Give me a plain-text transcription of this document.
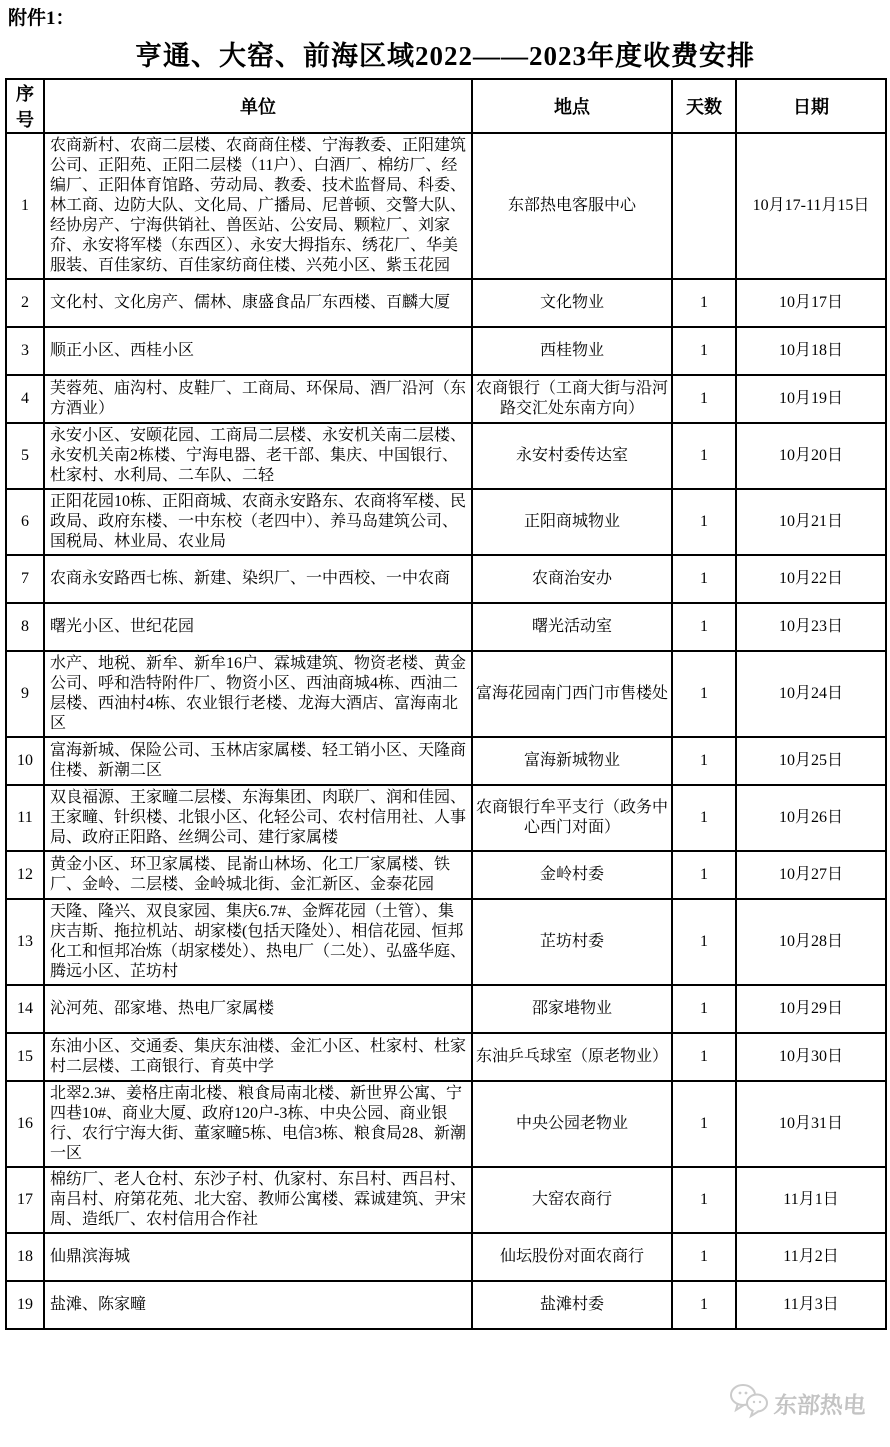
附件1：
亨通、大窑、前海区域2022——2023年度收费安排
序号	单位	地点	天数	日期
1	农商新村、农商二层楼、农商商住楼、宁海教委、正阳建筑公司、正阳苑、正阳二层楼（11户）、白酒厂、棉纺厂、经编厂、正阳体育馆路、劳动局、教委、技术监督局、科委、林工商、边防大队、文化局、广播局、尼普顿、交警大队、经协房产、宁海供销社、兽医站、公安局、颗粒厂、刘家夼、永安将军楼（东西区）、永安大拇指东、绣花厂、华美服装、百佳家纺、百佳家纺商住楼、兴苑小区、紫玉花园	东部热电客服中心		10月17-11月15日
2	文化村、文化房产、儒林、康盛食品厂东西楼、百麟大厦	文化物业	1	10月17日
3	顺正小区、西桂小区	西桂物业	1	10月18日
4	芙蓉苑、庙沟村、皮鞋厂、工商局、环保局、酒厂沿河（东方酒业）	农商银行（工商大街与沿河路交汇处东南方向）	1	10月19日
5	永安小区、安颐花园、工商局二层楼、永安机关南二层楼、永安机关南2栋楼、宁海电器、老干部、集庆、中国银行、杜家村、水利局、二车队、二轻	永安村委传达室	1	10月20日
6	正阳花园10栋、正阳商城、农商永安路东、农商将军楼、民政局、政府东楼、一中东校（老四中）、养马岛建筑公司、国税局、林业局、农业局	正阳商城物业	1	10月21日
7	农商永安路西七栋、新建、染织厂、一中西校、一中农商	农商治安办	1	10月22日
8	曙光小区、世纪花园	曙光活动室	1	10月23日
9	水产、地税、新牟、新牟16户、霖城建筑、物资老楼、黄金公司、呼和浩特附件厂、物资小区、西油商城4栋、西油二层楼、西油村4栋、农业银行老楼、龙海大酒店、富海南北区	富海花园南门西门市售楼处	1	10月24日
10	富海新城、保险公司、玉林店家属楼、轻工销小区、天隆商住楼、新潮二区	富海新城物业	1	10月25日
11	双良福源、王家疃二层楼、东海集团、肉联厂、润和佳园、王家疃、针织楼、北银小区、化轻公司、农村信用社、人事局、政府正阳路、丝绸公司、建行家属楼	农商银行牟平支行（政务中心西门对面）	1	10月26日
12	黄金小区、环卫家属楼、昆嵛山林场、化工厂家属楼、铁厂、金岭、二层楼、金岭城北街、金汇新区、金泰花园	金岭村委	1	10月27日
13	天隆、隆兴、双良家园、集庆6.7#、金辉花园（土管）、集庆吉斯、拖拉机站、胡家楼(包括天隆处）、相信花园、恒邦化工和恒邦冶炼（胡家楼处）、热电厂（二处）、弘盛华庭、腾远小区、芷坊村	芷坊村委	1	10月28日
14	沁河苑、邵家塂、热电厂家属楼	邵家塂物业	1	10月29日
15	东油小区、交通委、集庆东油楼、金汇小区、杜家村、杜家村二层楼、工商银行、育英中学	东油乒乓球室（原老物业）	1	10月30日
16	北翠2.3#、姜格庄南北楼、粮食局南北楼、新世界公寓、宁四巷10#、商业大厦、政府120户-3栋、中央公园、商业银行、农行宁海大街、董家疃5栋、电信3栋、粮食局28、新潮一区	中央公园老物业	1	10月31日
17	棉纺厂、老人仓村、东沙子村、仇家村、东吕村、西吕村、南吕村、府第花苑、北大窑、教师公寓楼、霖诚建筑、尹宋周、造纸厂、农村信用合作社	大窑农商行	1	11月1日
18	仙鼎滨海城	仙坛股份对面农商行	1	11月2日
19	盐滩、陈家疃	盐滩村委	1	11月3日
东部热电
